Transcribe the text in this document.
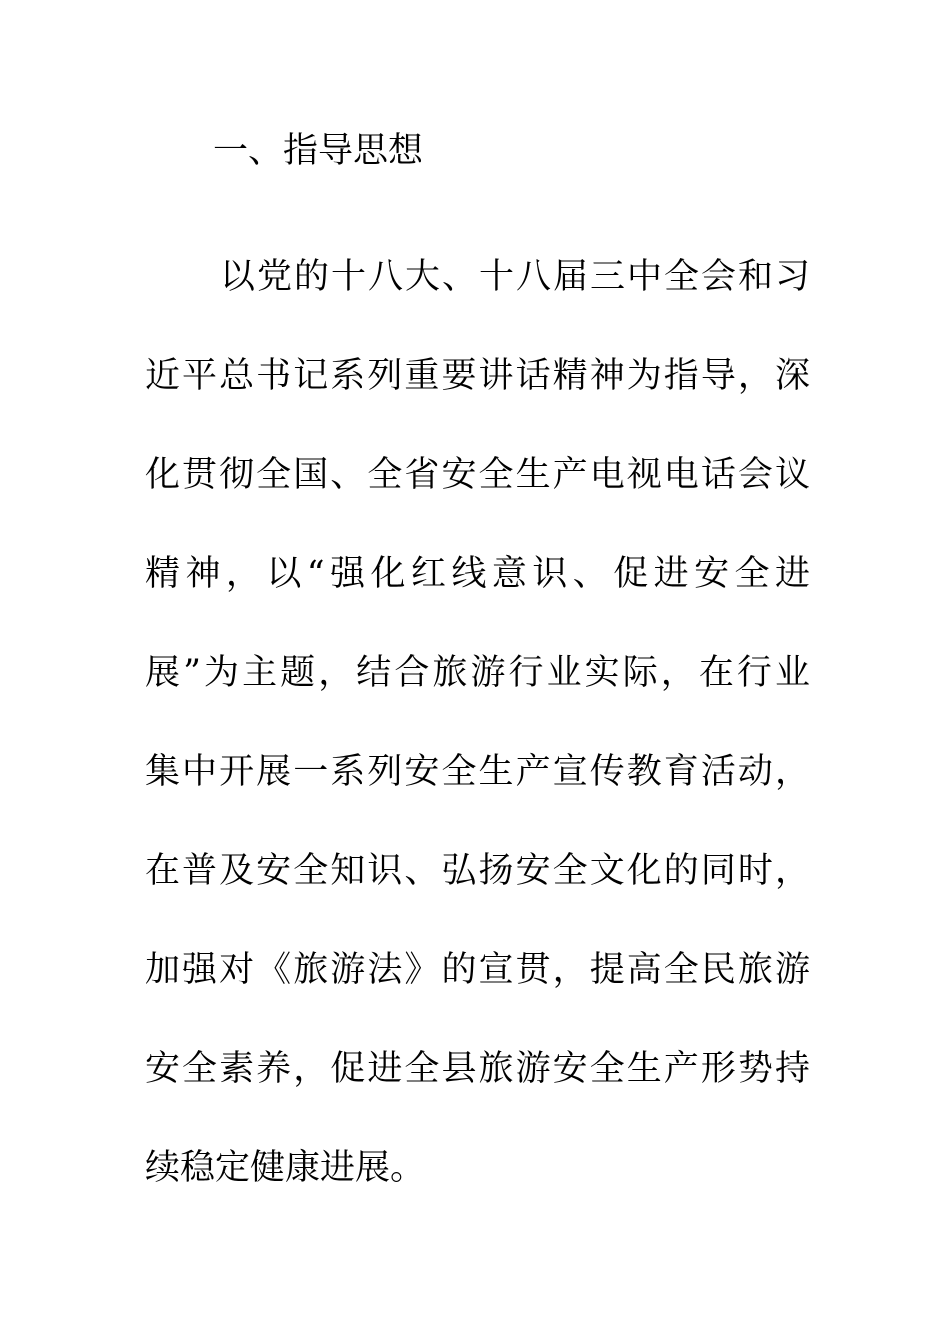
一、指导思想
以党的十八大、十八届三中全会和习
近平总书记系列重要讲话精神为指导，深
化贯彻全国、全省安全生产电视电话会议
精神，以“强化红线意识、促进安全进
展”为主题，结合旅游行业实际，在行业
集中开展一系列安全生产宣传教育活动，
在普及安全知识、弘扬安全文化的同时，
加强对《旅游法》的宣贯，提高全民旅游
安全素养，促进全县旅游安全生产形势持
续稳定健康进展。
